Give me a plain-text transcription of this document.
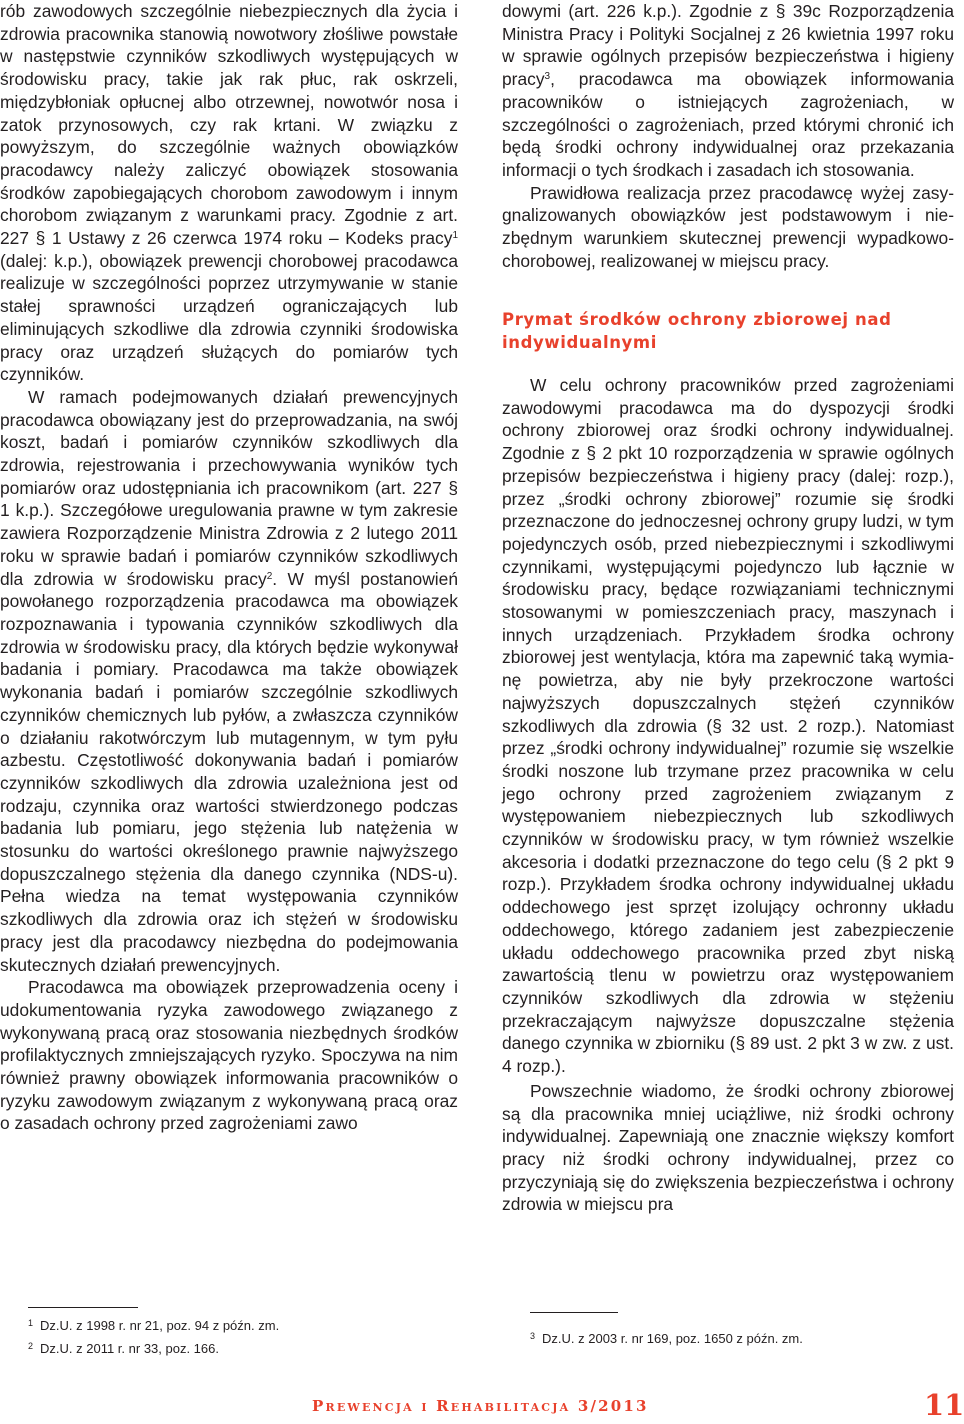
rób zawodowych szczególnie niebezpiecznych dla życia i zdrowia pracownika stanowią nowotwory złośliwe powstałe w następstwie czynników szkodliwych występujących w środowisku pracy, takie jak rak płuc, rak oskrzeli, międzybłoniak opłucnej albo otrzewnej, nowotwór nosa i zatok przynosowych, czy rak krtani. W związku z powyższym, do szczególnie ważnych obowiązków pracodawcy należy zaliczyć obowiązek stosowania środków zapobiegających chorobom zawodowym i innym chorobom związanym z warunkami pracy. Zgodnie z art. 227 § 1 Ustawy z 26 czerwca 1974 roku – Kodeks pracy$^1$ (dalej: k.p.), obowiązek prewencji chorobowej pracodawca realizuje w szczególności poprzez utrzymywanie w stanie stałej sprawności urządzeń ograniczających lub eliminujących szkodliwe dla zdrowia czynniki środowiska pracy oraz urządzeń służących do pomiarów tych czynników.

W ramach podejmowanych działań prewencyjnych pracodawca obowiązany jest do przeprowadzania, na swój koszt, badań i pomiarów czynników szkodliwych dla zdrowia, rejestrowania i przechowywania wyników tych pomiarów oraz udostępniania ich pracownikom (art. 227 § 1 k.p.). Szczegółowe uregulowania prawne w tym zakresie zawiera Rozporządzenie Ministra Zdrowia z 2 lutego 2011 roku w sprawie badań i pomiarów czynników szkodliwych dla zdrowia w środowisku pracy$^2$. W myśl postanowień powołanego rozporządzenia pracodawca ma obowiązek rozpoznawania i typowania czynników szkodliwych dla zdrowia w środowisku pracy, dla których będzie wykonywał badania i pomiary. Pracodawca ma także obowiązek wykonania badań i pomiarów szczególnie szkodliwych czynników chemicznych lub pyłów, a zwłaszcza czynników o działaniu rakotwórczym lub mutagennym, w tym pyłu azbestu. Częstotliwość dokonywania badań i pomiarów czynników szkodliwych dla zdrowia uzależniona jest od rodzaju, czynnika oraz wartości stwierdzonego podczas badania lub pomiaru, jego stężenia lub natężenia w stosunku do wartości określonego prawnie najwyższego dopuszczalnego stężenia dla danego czynnika (NDS-u). Pełna wiedza na temat występowania czynników szkodliwych dla zdrowia oraz ich stężeń w środowisku pracy jest dla pracodawcy niezbędna do podejmowania skutecznych działań prewencyjnych.

Pracodawca ma obowiązek przeprowadzenia oceny i udokumentowania ryzyka zawodowego związanego z wykonywaną pracą oraz stosowania niezbędnych środków profilaktycznych zmniejszających ryzyko. Spoczywa na nim również prawny obowiązek informowania pracowników o ryzyku zawodowym związanym z wykonywaną pracą oraz o zasadach ochrony przed zagrożeniami zawo

$^1$ Dz.U. z 1998 r. nr 21, poz. 94 z późn. zm.
$^2$ Dz.U. z 2011 r. nr 33, poz. 166.

dowymi (art. 226 k.p.). Zgodnie z § 39c Rozporządzenia Ministra Pracy i Polityki Socjalnej z 26 kwietnia 1997 roku w sprawie ogólnych przepisów bezpieczeństwa i higieny pracy$^3$, pracodawca ma obowiązek informowania pracowników o istniejących zagrożeniach, w szczególności o zagrożeniach, przed którymi chronić ich będą środki ochrony indywidualnej oraz przekazania informacji o tych środkach i zasadach ich stosowania.

Prawidłowa realizacja przez pracodawcę wyżej zasygnalizowanych obowiązków jest podstawowym i niezbędnym warunkiem skutecznej prewencji wypadkowo-chorobowej, realizowanej w miejscu pracy.

Prymat środków ochrony zbiorowej nad indywidualnymi

W celu ochrony pracowników przed zagrożeniami zawodowymi pracodawca ma do dyspozycji środki ochrony zbiorowej oraz środki ochrony indywidualnej. Zgodnie z § 2 pkt 10 rozporządzenia w sprawie ogólnych przepisów bezpieczeństwa i higieny pracy (dalej: rozp.), przez „środki ochrony zbiorowej” rozumie się środki przeznaczone do jednoczesnej ochrony grupy ludzi, w tym pojedynczych osób, przed niebezpiecznymi i szkodliwymi czynnikami, występującymi pojedynczo lub łącznie w środowisku pracy, będące rozwiązaniami technicznymi stosowanymi w pomieszczeniach pracy, maszynach i innych urządzeniach. Przykładem środka ochrony zbiorowej jest wentylacja, która ma zapewnić taką wymianę powietrza, aby nie były przekroczone wartości najwyższych dopuszczalnych stężeń czynników szkodliwych dla zdrowia (§ 32 ust. 2 rozp.). Natomiast przez „środki ochrony indywidualnej” rozumie się wszelkie środki noszone lub trzymane przez pracownika w celu jego ochrony przed zagrożeniem związanym z występowaniem niebezpiecznych lub szkodliwych czynników w środowisku pracy, w tym również wszelkie akcesoria i dodatki przeznaczone do tego celu (§ 2 pkt 9 rozp.). Przykładem środka ochrony indywidualnej układu oddechowego jest sprzęt izolujący ochronny układu oddechowego, którego zadaniem jest zabezpieczenie układu oddechowego pracownika przed zbyt niską zawartością tlenu w powietrzu oraz występowaniem czynników szkodliwych dla zdrowia w stężeniu przekraczającym najwyższe dopuszczalne stężenia danego czynnika w zbiorniku (§ 89 ust. 2 pkt 3 w zw. z ust. 4 rozp.).

Powszechnie wiadomo, że środki ochrony zbiorowej są dla pracownika mniej uciążliwe, niż środki ochrony indywidualnej. Zapewniają one znacznie większy komfort pracy niż środki ochrony indywidualnej, przez co przyczyniają się do zwiększenia bezpieczeństwa i ochrony zdrowia w miejscu pra

$^3$ Dz.U. z 2003 r. nr 169, poz. 1650 z późn. zm.
Prewencja i Rehabilitacja 3/2013	11
